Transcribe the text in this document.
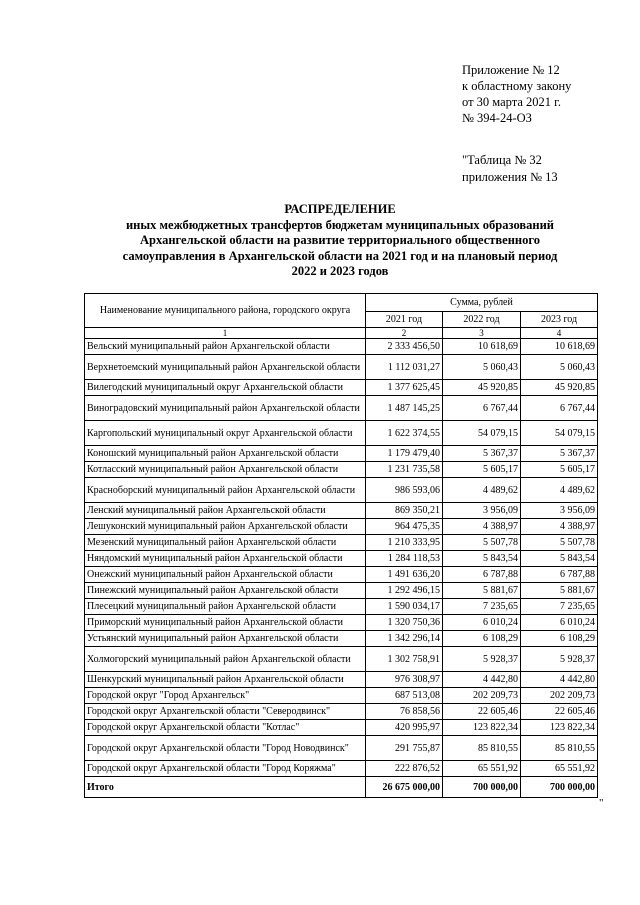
Приложение № 12
к областному закону
от 30 марта 2021 г.
№ 394-24-ОЗ
"Таблица № 32
приложения № 13
РАСПРЕДЕЛЕНИЕ
иных межбюджетных трансфертов бюджетам муниципальных образований
Архангельской области на развитие территориального общественного
самоуправления в Архангельской области на 2021 год и на плановый период
2022 и 2023 годов
Наименование муниципального района, городского округа	Сумма, рублей		
	2021 год	2022 год	2023 год
1	2	3	4
Вельский муниципальный район Архангельской области	2 333 456,50	10 618,69	10 618,69
Верхнетоемский муниципальный район Архангельской области	1 112 031,27	5 060,43	5 060,43
Вилегодский муниципальный округ Архангельской области	1 377 625,45	45 920,85	45 920,85
Виноградовский муниципальный район Архангельской области	1 487 145,25	6 767,44	6 767,44
Каргопольский муниципальный округ Архангельской области	1 622 374,55	54 079,15	54 079,15
Коношский муниципальный район Архангельской области	1 179 479,40	5 367,37	5 367,37
Котласский муниципальный район Архангельской области	1 231 735,58	5 605,17	5 605,17
Красноборский муниципальный район Архангельской области	986 593,06	4 489,62	4 489,62
Ленский муниципальный район Архангельской области	869 350,21	3 956,09	3 956,09
Лешуконский муниципальный район Архангельской области	964 475,35	4 388,97	4 388,97
Мезенский муниципальный район Архангельской области	1 210 333,95	5 507,78	5 507,78
Няндомский муниципальный район Архангельской области	1 284 118,53	5 843,54	5 843,54
Онежский муниципальный район Архангельской области	1 491 636,20	6 787,88	6 787,88
Пинежский муниципальный район Архангельской области	1 292 496,15	5 881,67	5 881,67
Плесецкий муниципальный район Архангельской области	1 590 034,17	7 235,65	7 235,65
Приморский муниципальный район Архангельской области	1 320 750,36	6 010,24	6 010,24
Устьянский муниципальный район Архангельской области	1 342 296,14	6 108,29	6 108,29
Холмогорский муниципальный район Архангельской области	1 302 758,91	5 928,37	5 928,37
Шенкурский муниципальный район Архангельской области	976 308,97	4 442,80	4 442,80
Городской округ "Город Архангельск"	687 513,08	202 209,73	202 209,73
Городской округ Архангельской области "Северодвинск"	76 858,56	22 605,46	22 605,46
Городской округ Архангельской области "Котлас"	420 995,97	123 822,34	123 822,34
Городской округ Архангельской области "Город Новодвинск"	291 755,87	85 810,55	85 810,55
Городской округ Архангельской области "Город Коряжма"	222 876,52	65 551,92	65 551,92
Итого	26 675 000,00	700 000,00	700 000,00
"
